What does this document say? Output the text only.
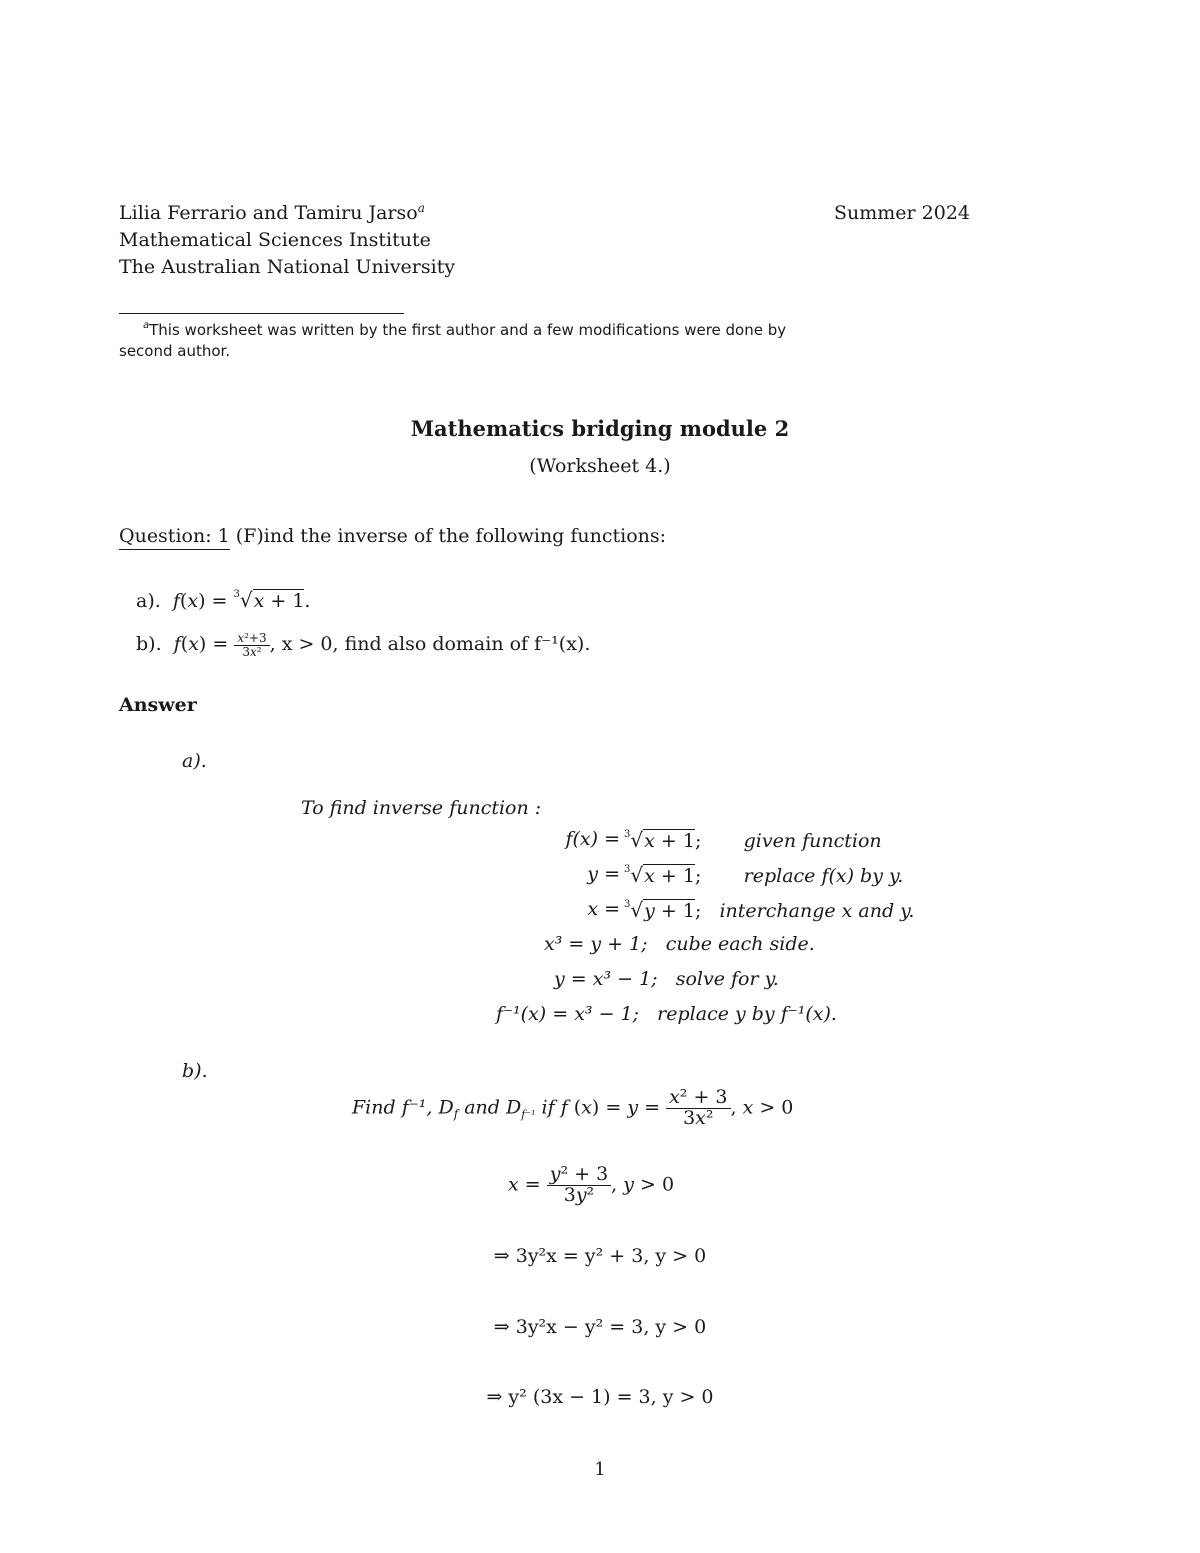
Lilia Ferrario and Tamiru Jarso$^a$	Summer 2024
Mathematical Sciences Institute
The Australian National University
$^a$This worksheet was written by the first author and a few modifications were done by
second author.
Mathematics bridging module 2
(Worksheet 4.)
Question: 1 (F)ind the inverse of the following functions:
a). f(x) = $^3$√x + 1.
b). $f(x) = \frac{\text{x²+3}}{\text{3x²}}$ , x > 0, find also domain of f⁻¹(x).
Answer
a).
To find inverse function :
f(x) = $^3$√x + 1;       given function
y = $^3$√x + 1;       replace f(x) by y.
x = $^3$√y + 1;   interchange x and y.
x³ = y + 1; cube each side.
y = x³ − 1; solve for y.
f⁻¹(x) = x³ − 1; replace y by f⁻¹(x).
b).
Find f⁻¹, $D_f$ and $D_{f^{-1}}$ if f $(x) = y = \frac{\text{x² + 3}}{\text{3x²}}$ , x > 0
$x = \frac{\text{y² + 3}}{\text{3y²}}$ , y > 0
⇒ 3y²x = y² + 3, y > 0
⇒ 3y²x − y² = 3, y > 0
⇒ y² (3x − 1) = 3, y > 0
1
